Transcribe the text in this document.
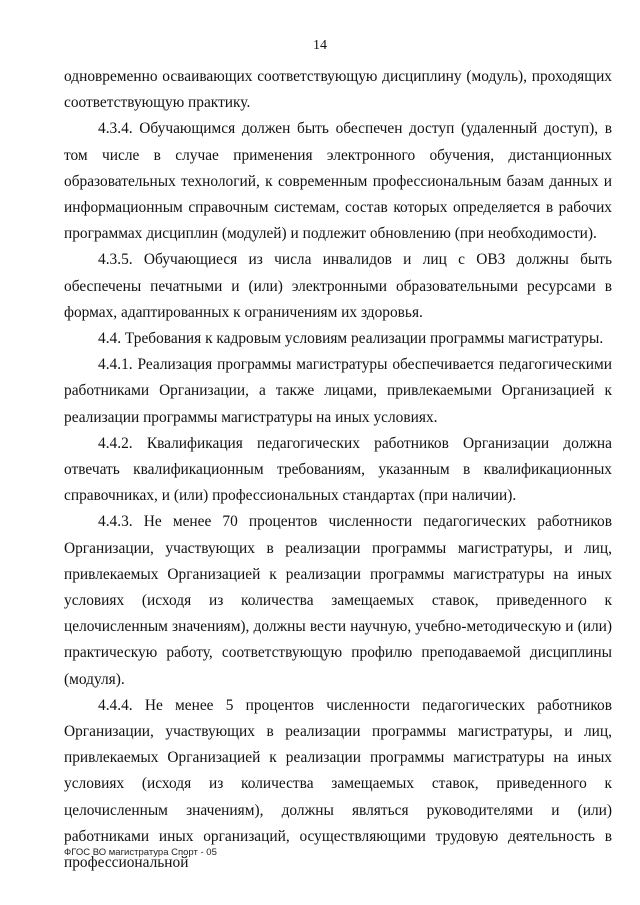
14

одновременно осваивающих соответствующую дисциплину (модуль), проходящих соответствующую практику.

4.3.4. Обучающимся должен быть обеспечен доступ (удаленный доступ), в том числе в случае применения электронного обучения, дистанционных образовательных технологий, к современным профессиональным базам данных и информационным справочным системам, состав которых определяется в рабочих программах дисциплин (модулей) и подлежит обновлению (при необходимости).

4.3.5. Обучающиеся из числа инвалидов и лиц с ОВЗ должны быть обеспечены печатными и (или) электронными образовательными ресурсами в формах, адаптированных к ограничениям их здоровья.

4.4. Требования к кадровым условиям реализации программы магистратуры.

4.4.1. Реализация программы магистратуры обеспечивается педагогическими работниками Организации, а также лицами, привлекаемыми Организацией к реализации программы магистратуры на иных условиях.

4.4.2. Квалификация педагогических работников Организации должна отвечать квалификационным требованиям, указанным в квалификационных справочниках, и (или) профессиональных стандартах (при наличии).

4.4.3. Не менее 70 процентов численности педагогических работников Организации, участвующих в реализации программы магистратуры, и лиц, привлекаемых Организацией к реализации программы магистратуры на иных условиях (исходя из количества замещаемых ставок, приведенного к целочисленным значениям), должны вести научную, учебно-методическую и (или) практическую работу, соответствующую профилю преподаваемой дисциплины (модуля).

4.4.4. Не менее 5 процентов численности педагогических работников Организации, участвующих в реализации программы магистратуры, и лиц, привлекаемых Организацией к реализации программы магистратуры на иных условиях (исходя из количества замещаемых ставок, приведенного к целочисленным значениям), должны являться руководителями и (или) работниками иных организаций, осуществляющими трудовую деятельность в профессиональной

ФГОС ВО магистратура Спорт - 05
